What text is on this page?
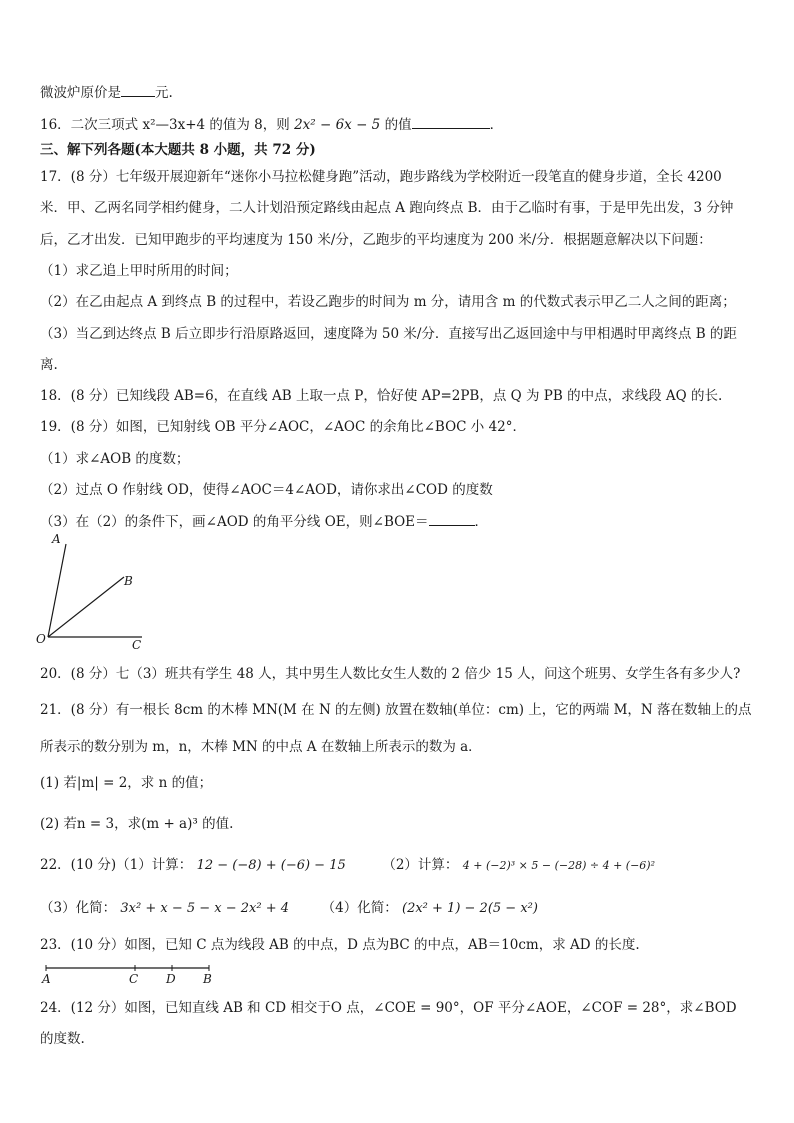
微波炉原价是	元.
16．二次三项式 x²—3x+4 的值为 8，则 2x² − 6x − 5 的值	．
三、解下列各题(本大题共 8 小题，共 72 分)
17．(8 分）七年级开展迎新年“迷你小马拉松健身跑”活动，跑步路线为学校附近一段笔直的健身步道，全长 4200
米．甲、乙两名同学相约健身，二人计划沿预定路线由起点 A 跑向终点 B．由于乙临时有事，于是甲先出发，3 分钟
后，乙才出发．已知甲跑步的平均速度为 150 米/分，乙跑步的平均速度为 200 米/分．根据题意解决以下问题：
（1）求乙追上甲时所用的时间；
（2）在乙由起点 A 到终点 B 的过程中，若设乙跑步的时间为 m 分，请用含 m 的代数式表示甲乙二人之间的距离；
（3）当乙到达终点 B 后立即步行沿原路返回，速度降为 50 米/分．直接写出乙返回途中与甲相遇时甲离终点 B 的距
离.
18．(8 分）已知线段 AB=6，在直线 AB 上取一点 P，恰好使 AP=2PB，点 Q 为 PB 的中点，求线段 AQ 的长.
19．(8 分）如图，已知射线 OB 平分∠AOC，∠AOC 的余角比∠BOC 小 42°．
（1）求∠AOB 的度数；
（2）过点 O 作射线 OD，使得∠AOC＝4∠AOD，请你求出∠COD 的度数
（3）在（2）的条件下，画∠AOD 的角平分线 OE，则∠BOE＝	．
A
B
O	C
20．(8 分）七（3）班共有学生 48 人，其中男生人数比女生人数的 2 倍少 15 人，问这个班男、女学生各有多少人?
21．(8 分）有一根长 8cm 的木棒 MN(M 在 N 的左侧) 放置在数轴(单位：cm) 上，它的两端 M，N 落在数轴上的点
所表示的数分别为 m，n，木棒 MN 的中点 A 在数轴上所表示的数为 a．
(1) 若|m| = 2，求 n 的值；
(2) 若n = 3，求(m + a)³ 的值.
22．(10 分)（1）计算： 12 − (−8) + (−6) − 15	（2）计算： 4 + (−2)³ × 5 − (−28) ÷ 4 + (−6)²
（3）化简： 3x² + x − 5 − x − 2x² + 4 （4）化简： (2x² + 1) − 2(5 − x²)
23．(10 分）如图，已知 C 点为线段 AB 的中点，D 点为BC 的中点，AB＝10cm，求 AD 的长度.
A	C D B
24．(12 分）如图，已知直线 AB 和 CD 相交于O 点，∠COE = 90°，OF 平分∠AOE，∠COF = 28°，求∠BOD
的度数.
